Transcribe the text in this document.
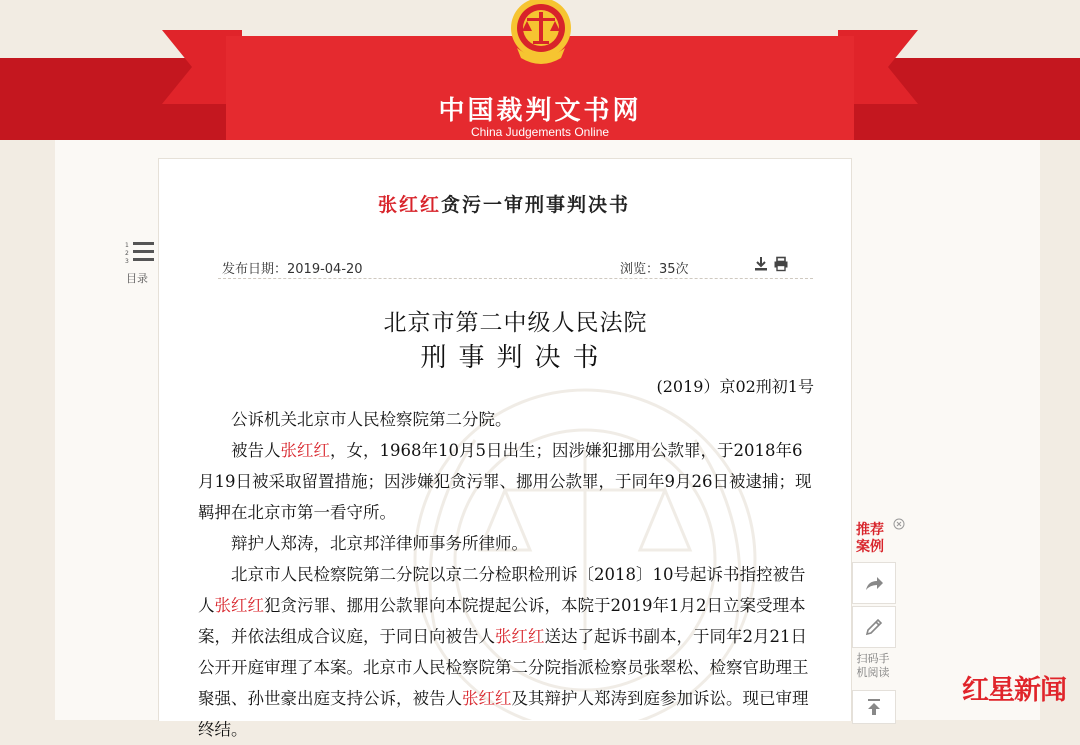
中国裁判文书网
China Judgements Online
1
2
3
目录
张红红贪污一审刑事判决书
发布日期：2019-04-20	浏览：35次
北京市第二中级人民法院
刑事判决书
(2019）京02刑初1号

公诉机关北京市人民检察院第二分院。

被告人张红红，女，1968年10月5日出生；因涉嫌犯挪用公款罪，于2018年6月19日被采取留置措施；因涉嫌犯贪污罪、挪用公款罪，于同年9月26日被逮捕；现羁押在北京市第一看守所。

辩护人郑涛，北京邦洋律师事务所律师。

北京市人民检察院第二分院以京二分检职检刑诉〔2018〕10号起诉书指控被告人张红红犯贪污罪、挪用公款罪向本院提起公诉，本院于2019年1月2日立案受理本案，并依法组成合议庭，于同日向被告人张红红送达了起诉书副本，于同年2月21日公开开庭审理了本案。北京市人民检察院第二分院指派检察员张翠松、检察官助理王聚强、孙世豪出庭支持公诉，被告人张红红及其辩护人郑涛到庭参加诉讼。现已审理终结。

推荐案例
扫码手机阅读
红星新闻
